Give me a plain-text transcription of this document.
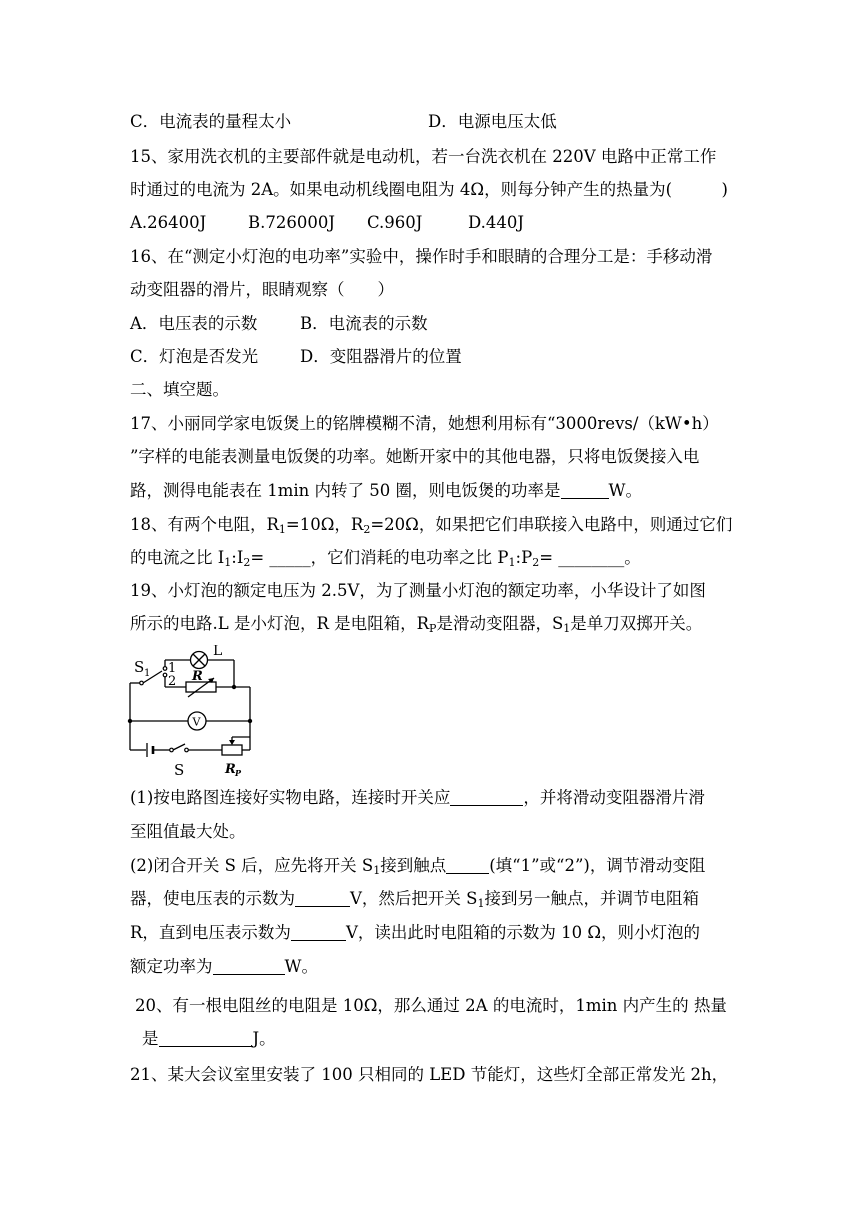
C．电流表的量程太小	D．电源电压太低
15、家用洗衣机的主要部件就是电动机，若一台洗衣机在 220V 电路中正常工作
时通过的电流为 2A。如果电动机线圈电阻为 4Ω，则每分钟产生的热量为(　　　)
A.26400J	B.726000J C.960J	D.440J
16、在“测定小灯泡的电功率”实验中，操作时手和眼睛的合理分工是：手移动滑
动变阻器的滑片，眼睛观察（　　）
A．电压表的示数	B．电流表的示数
C．灯泡是否发光	D．变阻器滑片的位置
二、填空题。
17、小丽同学家电饭煲上的铭牌模糊不清，她想利用标有“3000revs/（kW•h）
”字样的电能表测量电饭煲的功率。她断开家中的其他电器，只将电饭煲接入电
路，测得电能表在 1min 内转了 50 圈，则电饭煲的功率是	W。
18、有两个电阻，$R_1=10\Omega$，$R_2=20\Omega$，如果把它们串联接入电路中，则通过它们
的电流之比 $I_1:I_2=$ _____，它们消耗的电功率之比 $P_1:P_2=$ ________。
19、小灯泡的额定电压为 2.5V，为了测量小灯泡的额定功率，小华设计了如图
所示的电路.L 是小灯泡，R 是电阻箱，$R_P$是滑动变阻器，$S_1$是单刀双掷开关。
S 1 1
2
L
R
V
S	R P
(1)按电路图连接好实物电路，连接时开关应	，并将滑动变阻器滑片滑
至阻值最大处。
(2)闭合开关 S 后，应先将开关 $S_1$接到触点	(填“1”或“2”)，调节滑动变阻
器，使电压表的示数为	V，然后把开关 $S_1$接到另一触点，并调节电阻箱
R，直到电压表示数为	V，读出此时电阻箱的示数为 10 Ω，则小灯泡的
额定功率为	W。
20、有一根电阻丝的电阻是 10Ω，那么通过 2A 的电流时，1min 内产生的 热量
是	J。
21、某大会议室里安装了 100 只相同的 LED 节能灯，这些灯全部正常发光 2h，
